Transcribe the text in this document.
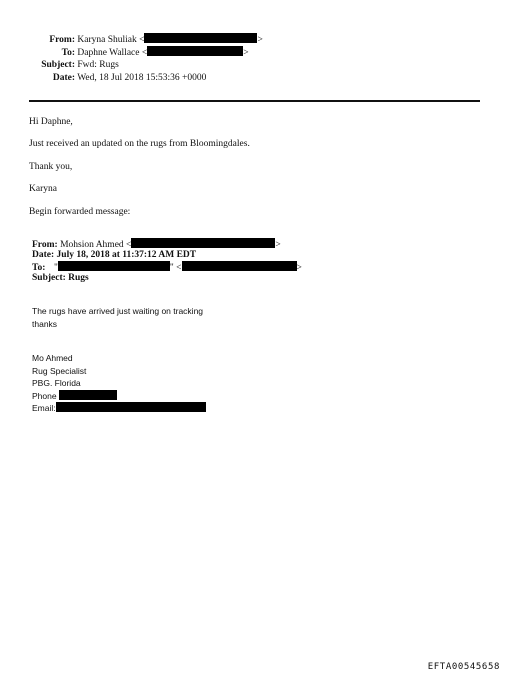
From: Karyna Shuliak <	>
To: Daphne Wallace <	>
Subject: Fwd: Rugs
Date: Wed, 18 Jul 2018 15:53:36 +0000
Hi Daphne,
Just received an updated on the rugs from Bloomingdales.
Thank you,
Karyna
Begin forwarded message:
From: Mohsion Ahmed <	>
Date: July 18, 2018 at 11:37:12 AM EDT
To: "	" <	>
Subject: Rugs
The rugs have arrived just waiting on tracking
thanks
Mo Ahmed
Rug Specialist
PBG. Florida
Phone
Email:
EFTA00545658
